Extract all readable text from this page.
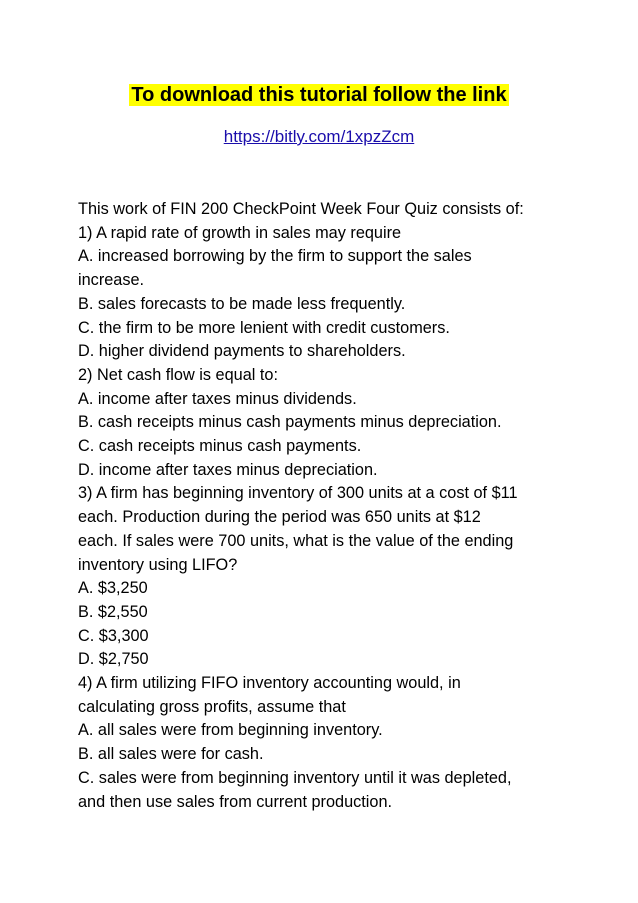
To download this tutorial follow the link
https://bitly.com/1xpzZcm
This work of FIN 200 CheckPoint Week Four Quiz consists of:
1) A rapid rate of growth in sales may require
A. increased borrowing by the firm to support the sales
increase.
B. sales forecasts to be made less frequently.
C. the firm to be more lenient with credit customers.
D. higher dividend payments to shareholders.
2) Net cash flow is equal to:
A. income after taxes minus dividends.
B. cash receipts minus cash payments minus depreciation.
C. cash receipts minus cash payments.
D. income after taxes minus depreciation.
3) A firm has beginning inventory of 300 units at a cost of $11
each. Production during the period was 650 units at $12
each. If sales were 700 units, what is the value of the ending
inventory using LIFO?
A. $3,250
B. $2,550
C. $3,300
D. $2,750
4) A firm utilizing FIFO inventory accounting would, in
calculating gross profits, assume that
A. all sales were from beginning inventory.
B. all sales were for cash.
C. sales were from beginning inventory until it was depleted,
and then use sales from current production.
